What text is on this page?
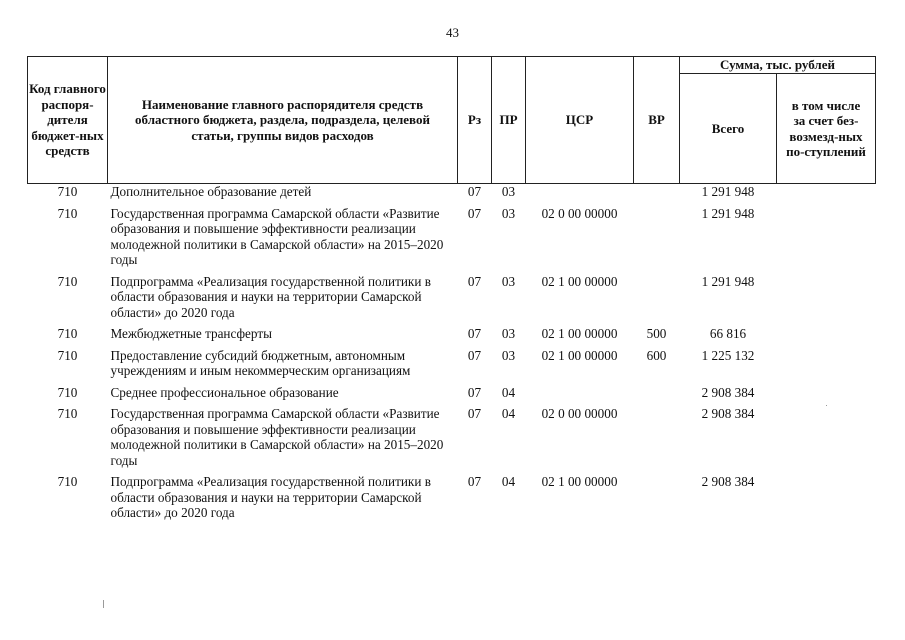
43
Код главного распоря-дителя бюджет-ных средств	Наименование главного распорядителя средств областного бюджета, раздела, подраздела, целевой статьи, группы видов расходов	Рз	ПР	ЦСР	ВР	Сумма, тыс. рублей	
						Всего	в том числе за счет без-возмезд-ных по-ступлений
710	Дополнительное образование детей	07	03			1 291 948	
710	Государственная программа Самарской области «Развитие образования и повышение эффективности реализации молодежной политики в Самарской области» на 2015–2020 годы	07	03	02 0 00 00000		1 291 948	
710	Подпрограмма «Реализация государственной политики в области образования и науки на территории Самарской области» до 2020 года	07	03	02 1 00 00000		1 291 948	
710	Межбюджетные трансферты	07	03	02 1 00 00000	500	66 816	
710	Предоставление субсидий бюджетным, автономным учреждениям и иным некоммерческим организациям	07	03	02 1 00 00000	600	1 225 132	
710	Среднее профессиональное образование	07	04			2 908 384	
710	Государственная программа Самарской области «Развитие образования и повышение эффективности реализации молодежной политики в Самарской области» на 2015–2020 годы	07	04	02 0 00 00000		2 908 384	
710	Подпрограмма «Реализация государственной политики в области образования и науки на территории Самарской области» до 2020 года	07	04	02 1 00 00000		2 908 384	
